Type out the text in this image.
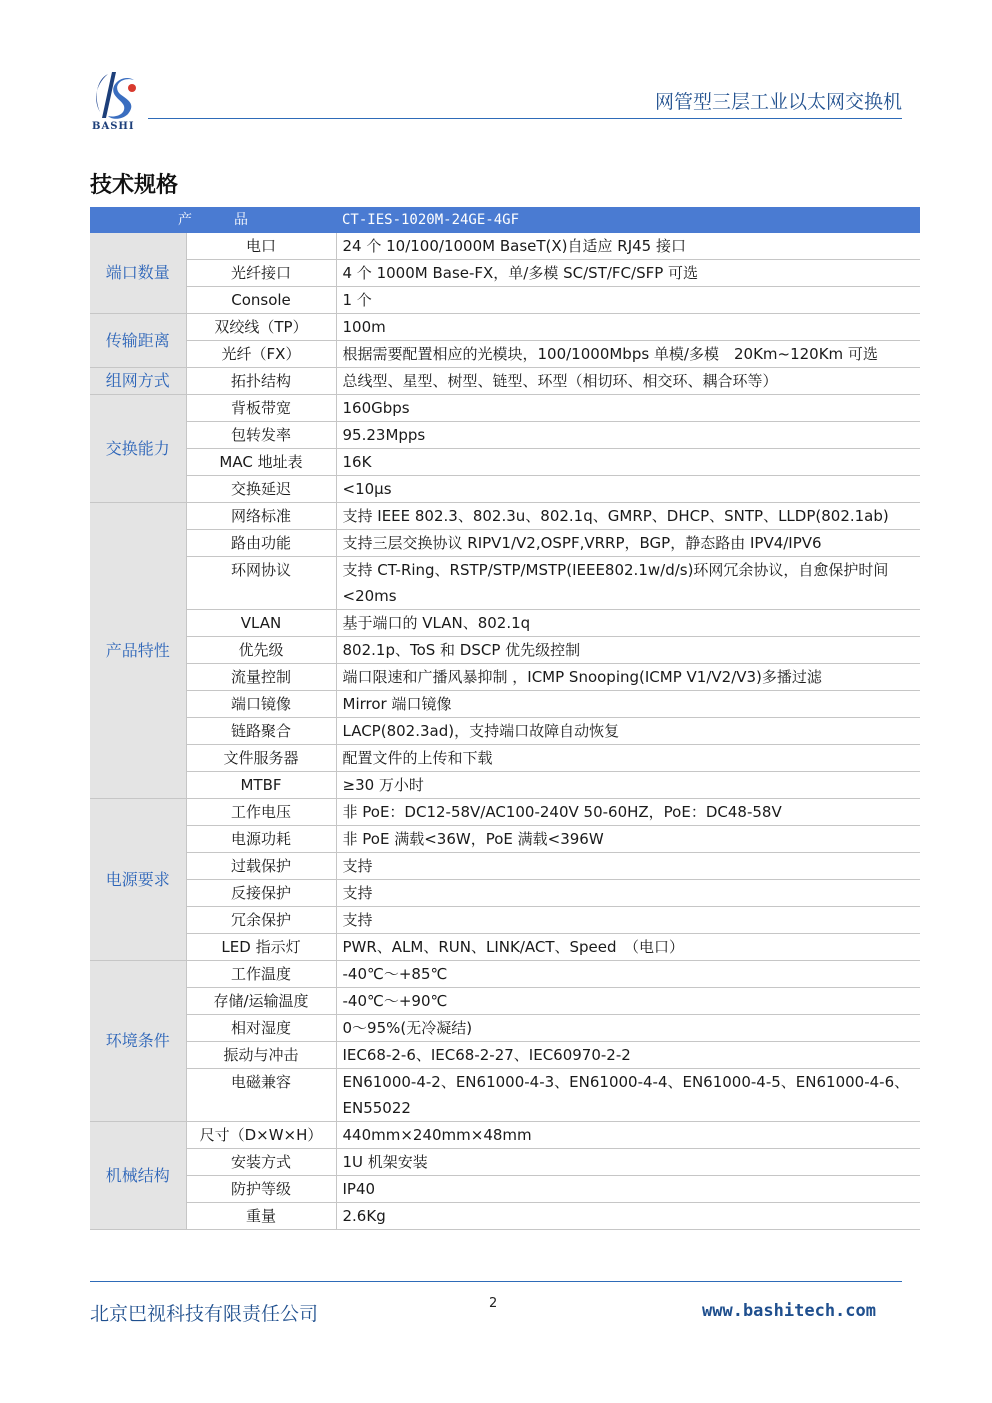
BASHI
网管型三层工业以太网交换机
技术规格
产　　　品		CT-IES-1020M-24GE-4GF
端口数量	电口	24 个 10/100/1000M BaseT(X)自适应 RJ45 接口
	光纤接口	4 个 1000M Base-FX，单/多模 SC/ST/FC/SFP 可选
	Console	1 个
传输距离	双绞线（TP）	100m
	光纤（FX）	根据需要配置相应的光模块，100/1000Mbps 单模/多模　20Km~120Km 可选
组网方式	拓扑结构	总线型、星型、树型、链型、环型（相切环、相交环、耦合环等）
交换能力	背板带宽	160Gbps
	包转发率	95.23Mpps
	MAC 地址表	16K
	交换延迟	<10μs
产品特性	网络标准	支持 IEEE 802.3、802.3u、802.1q、GMRP、DHCP、SNTP、LLDP(802.1ab)
	路由功能	支持三层交换协议 RIPV1/V2,OSPF,VRRP，BGP，静态路由 IPV4/IPV6
	环网协议	支持 CT-Ring、RSTP/STP/MSTP(IEEE802.1w/d/s)环网冗余协议，自愈保护时间<20ms
	VLAN	基于端口的 VLAN、802.1q
	优先级	802.1p、ToS 和 DSCP 优先级控制
	流量控制	端口限速和广播风暴抑制 ，ICMP Snooping(ICMP V1/V2/V3)多播过滤
	端口镜像	Mirror 端口镜像
	链路聚合	LACP(802.3ad)，支持端口故障自动恢复
	文件服务器	配置文件的上传和下载
	MTBF	≥30 万小时
电源要求	工作电压	非 PoE：DC12-58V/AC100-240V 50-60HZ，PoE：DC48-58V
	电源功耗	非 PoE 满载<36W，PoE 满载<396W
	过载保护	支持
	反接保护	支持
	冗余保护	支持
	LED 指示灯	PWR、ALM、RUN、LINK/ACT、Speed　（电口）
环境条件	工作温度	-40℃～+85℃
	存储/运输温度	-40℃～+90℃
	相对湿度	0～95%(无冷凝结)
	振动与冲击	IEC68-2-6、IEC68-2-27、IEC60970-2-2
	电磁兼容	EN61000-4-2、EN61000-4-3、EN61000-4-4、EN61000-4-5、EN61000-4-6、EN55022
机械结构	尺寸（D×W×H）	440mm×240mm×48mm
	安装方式	1U 机架安装
	防护等级	IP40
	重量	2.6Kg
北京巴视科技有限责任公司	2	www.bashitech.com
